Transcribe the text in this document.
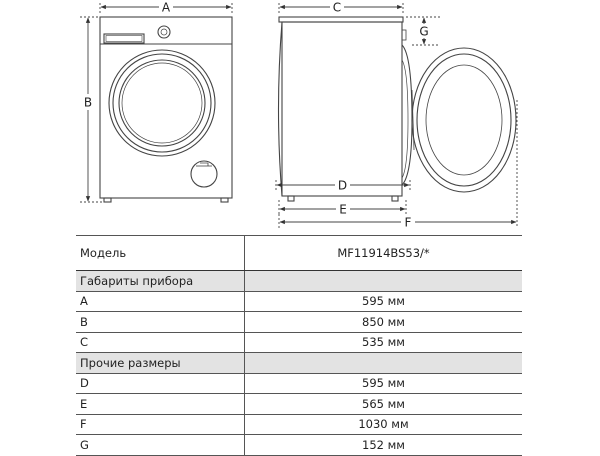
A
B
C
G
D
E
F
Модель	MF11914BS53/*
Габариты прибора	
A	595 мм
B	850 мм
C	535 мм
Прочие размеры	
D	595 мм
E	565 мм
F	1030 мм
G	152 мм
